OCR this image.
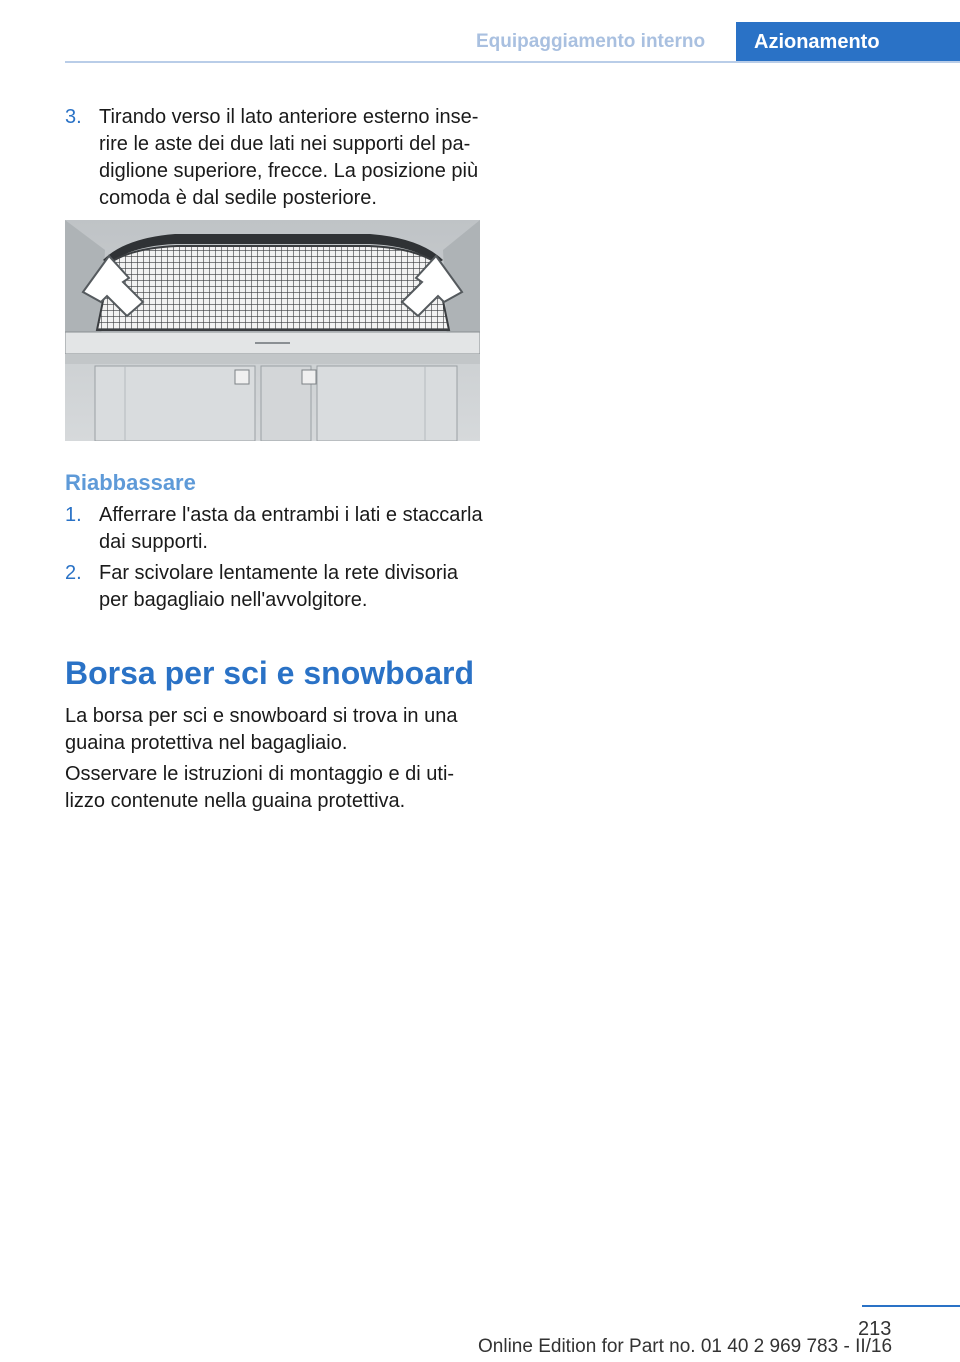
Equipaggiamento interno	Azionamento
3. Tirando verso il lato anteriore esterno inse-rire le aste dei due lati nei supporti del pa-diglione superiore, frecce. La posizione più comoda è dal sedile posteriore.
Riabbassare
1. Afferrare l'asta da entrambi i lati e staccarla dai supporti.
2. Far scivolare lentamente la rete divisoria per bagagliaio nell'avvolgitore.
Borsa per sci e snowboard
La borsa per sci e snowboard si trova in una guaina protettiva nel bagagliaio.
Osservare le istruzioni di montaggio e di uti-lizzo contenute nella guaina protettiva.
213
Online Edition for Part no. 01 40 2 969 783 - II/16
